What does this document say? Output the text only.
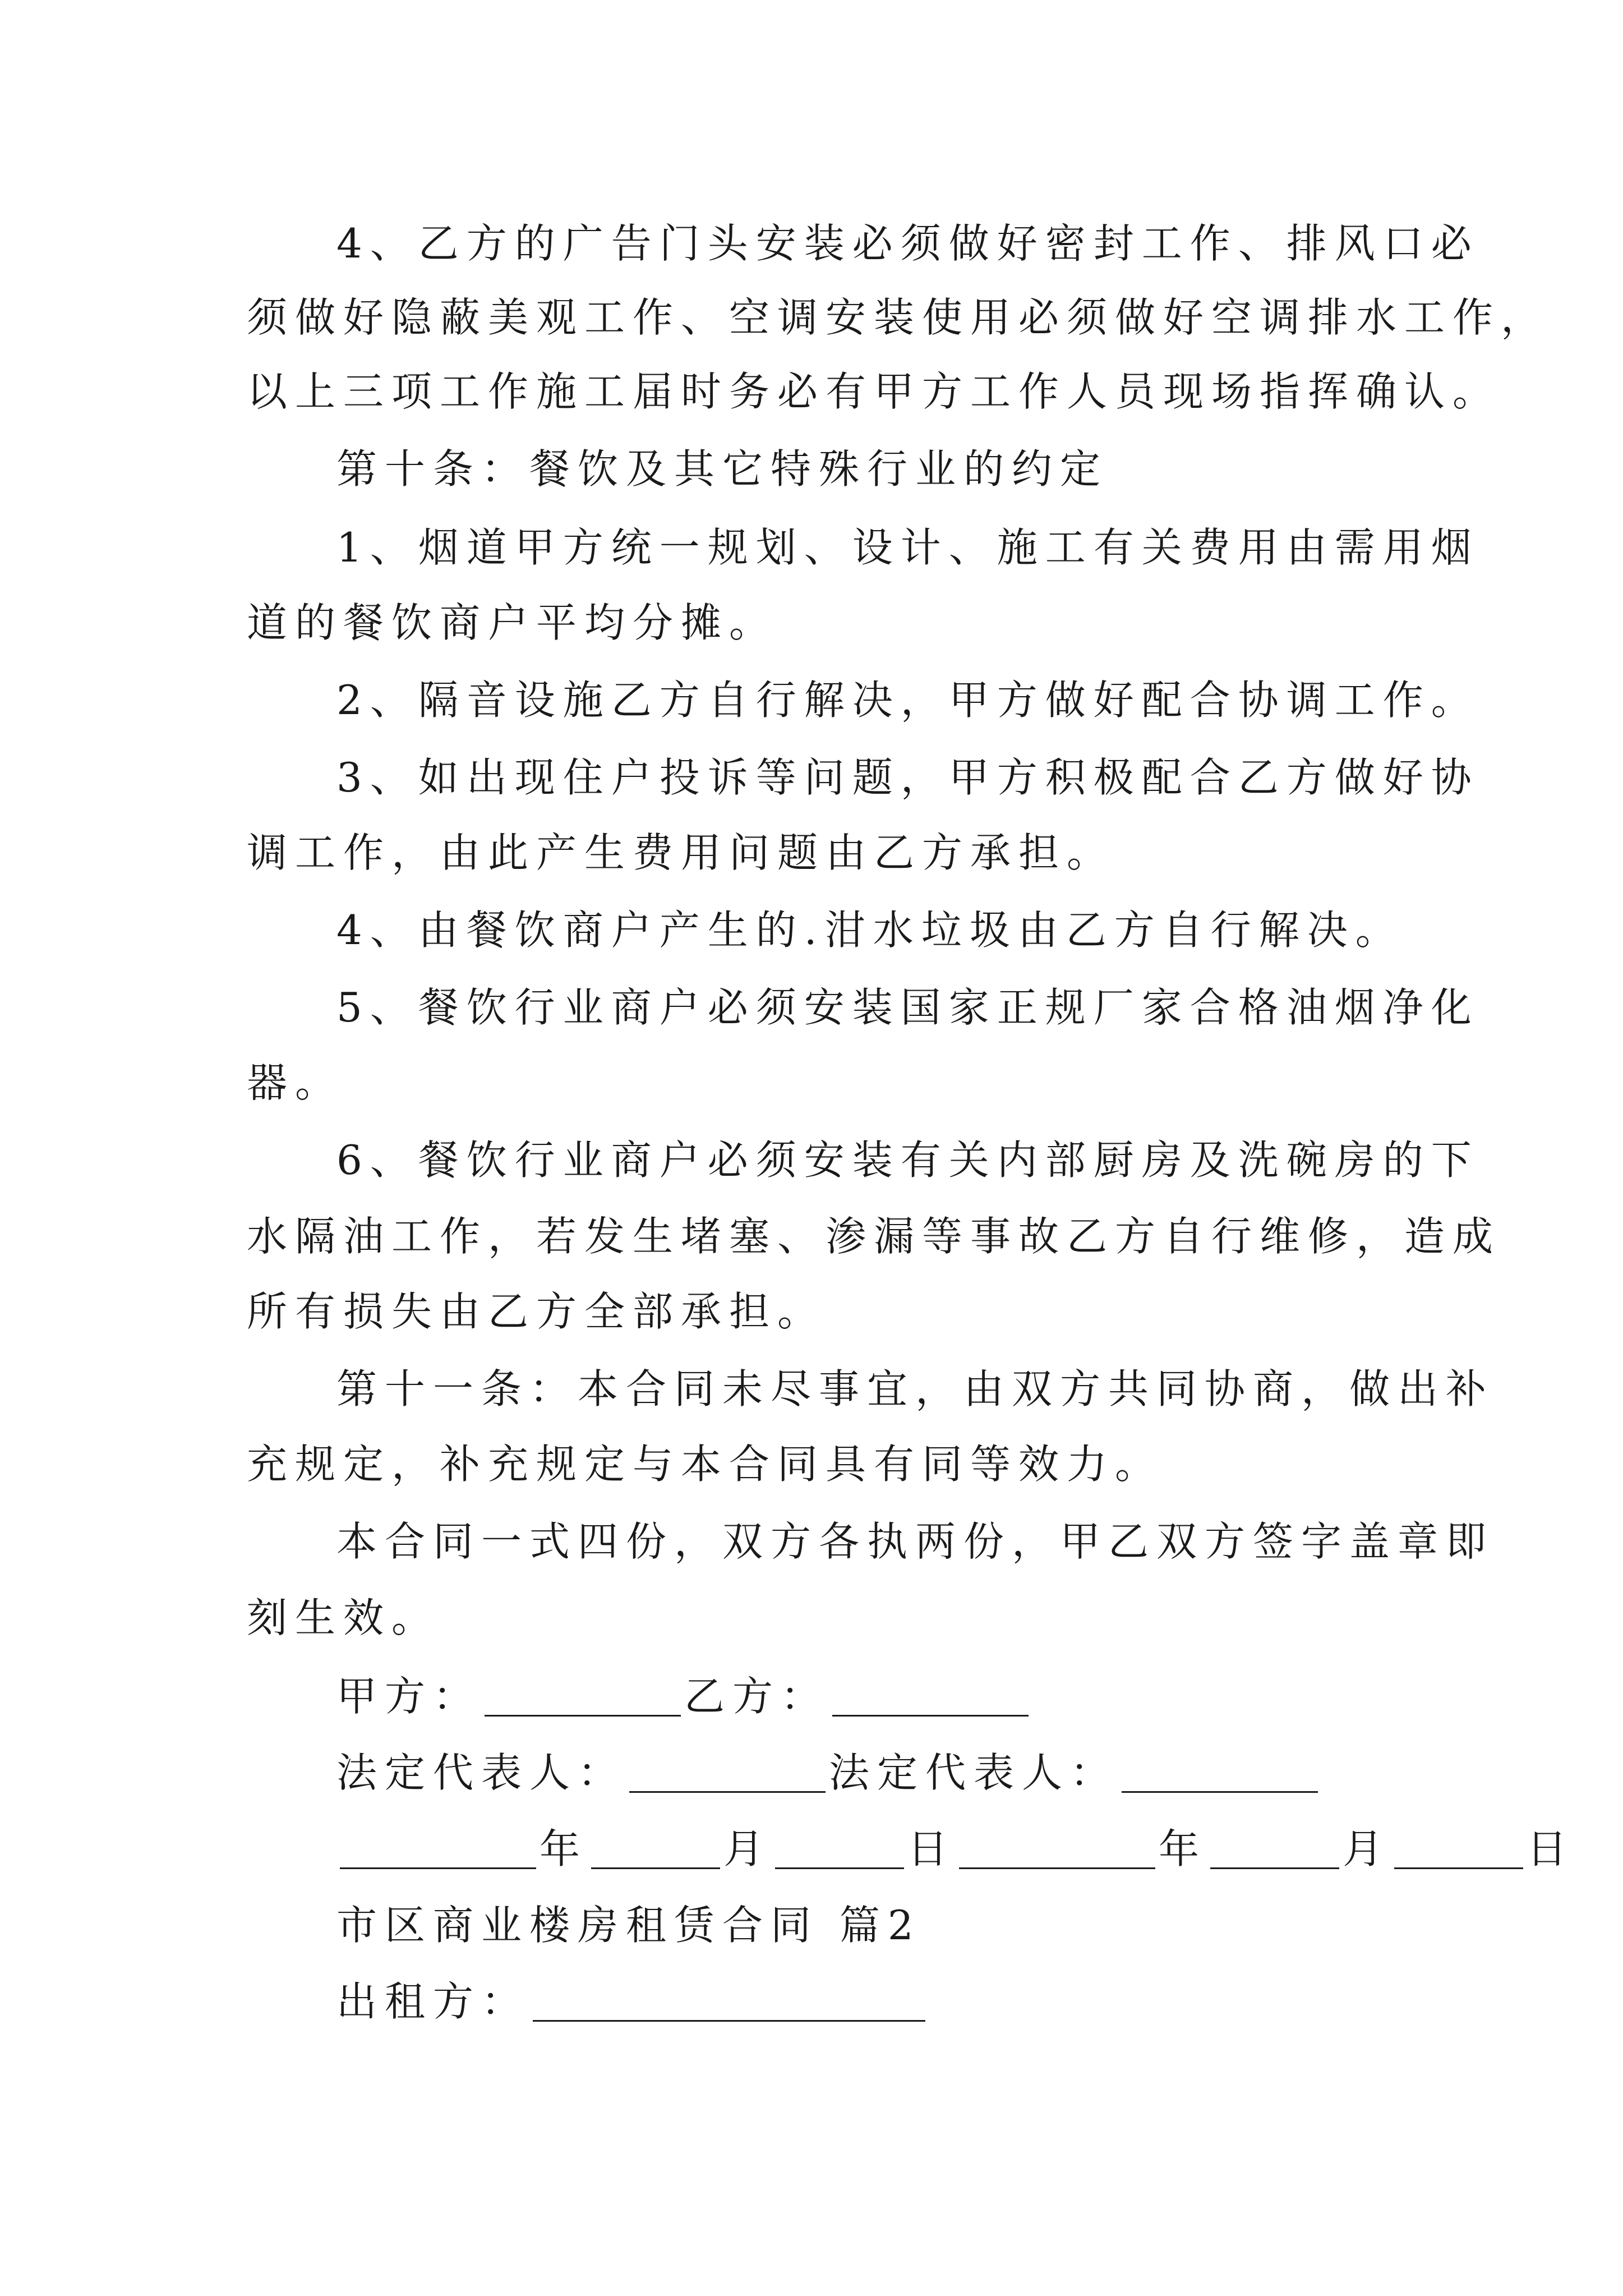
4、乙方的广告门头安装必须做好密封工作、排风口必
须做好隐蔽美观工作、空调安装使用必须做好空调排水工作，
以上三项工作施工届时务必有甲方工作人员现场指挥确认。
第十条：餐饮及其它特殊行业的约定
1、烟道甲方统一规划、设计、施工有关费用由需用烟
道的餐饮商户平均分摊。
2、隔音设施乙方自行解决，甲方做好配合协调工作。
3、如出现住户投诉等问题，甲方积极配合乙方做好协
调工作，由此产生费用问题由乙方承担。
4、由餐饮商户产生的.泔水垃圾由乙方自行解决。
5、餐饮行业商户必须安装国家正规厂家合格油烟净化
器。
6、餐饮行业商户必须安装有关内部厨房及洗碗房的下
水隔油工作，若发生堵塞、渗漏等事故乙方自行维修，造成
所有损失由乙方全部承担。
第十一条：本合同未尽事宜，由双方共同协商，做出补
充规定，补充规定与本合同具有同等效力。
本合同一式四份，双方各执两份，甲乙双方签字盖章即
刻生效。
甲方：	乙方：
法定代表人：	法定代表人：
年	月	日	年	月	日
市区商业楼房租赁合同 篇2
出租方：
